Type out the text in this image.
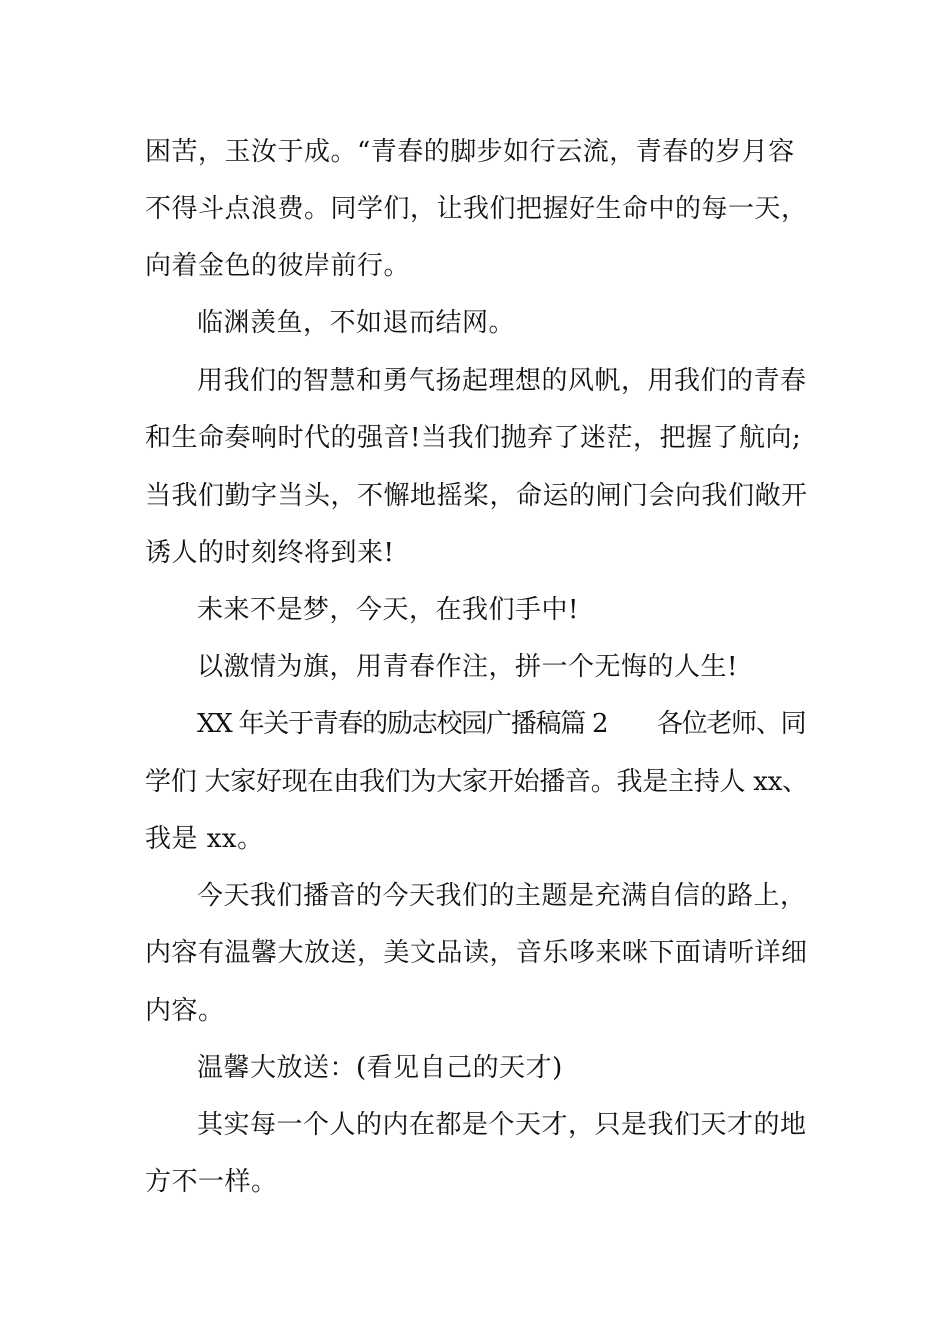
困苦，玉汝于成。“青春的脚步如行云流，青春的岁月容
不得斗点浪费。同学们，让我们把握好生命中的每一天，
向着金色的彼岸前行。
临渊羡鱼，不如退而结网。
用我们的智慧和勇气扬起理想的风帆，用我们的青春
和生命奏响时代的强音!当我们抛弃了迷茫，把握了航向;
当我们勤字当头，不懈地摇桨，命运的闸门会向我们敞开
诱人的时刻终将到来!
未来不是梦，今天，在我们手中!
以激情为旗，用青春作注，拼一个无悔的人生!
XX 年关于青春的励志校园广播稿篇 2　　各位老师、同
学们 大家好现在由我们为大家开始播音。我是主持人 xx、
我是 xx。
今天我们播音的今天我们的主题是充满自信的路上，
内容有温馨大放送，美文品读，音乐哆来咪下面请听详细
内容。
温馨大放送：(看见自己的天才)
其实每一个人的内在都是个天才，只是我们天才的地
方不一样。
